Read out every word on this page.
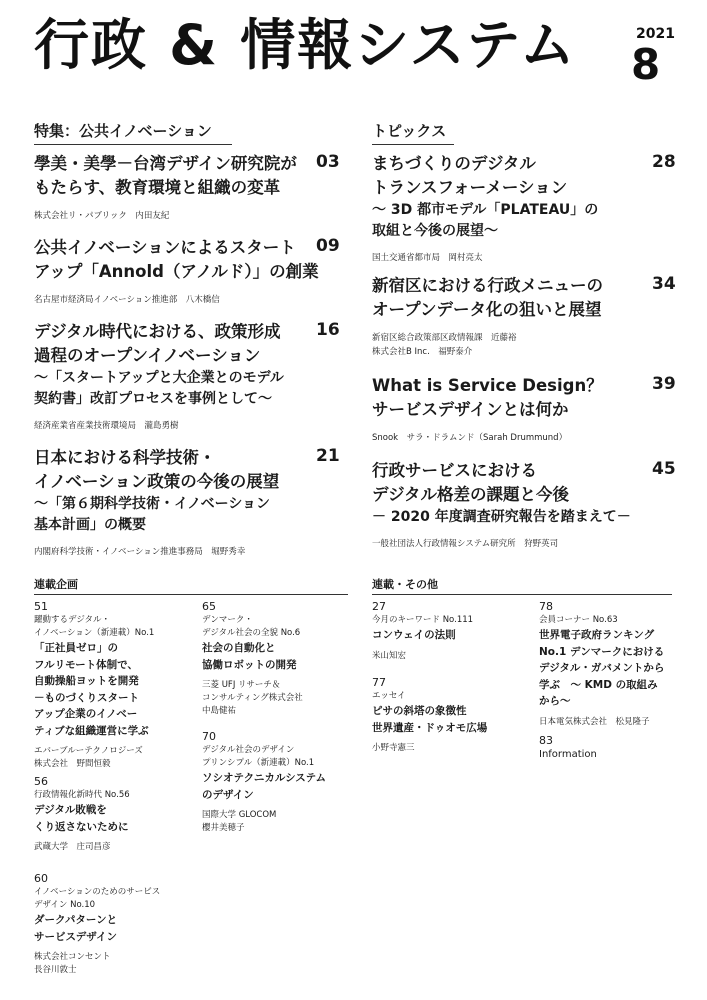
行政 & 情報システム	2021
8
特集：公共イノベーション
學美・美學－台湾デザイン研究院が
もたらす、教育環境と組織の変革
株式会社リ・パブリック　内田友紀
03
公共イノベーションによるスタート
アップ「Annold（アノルド）」の創業
名古屋市経済局イノベーション推進部　八木橋信
09
デジタル時代における、政策形成
過程のオープンイノベーション
～「スタートアップと大企業とのモデル
契約書」改訂プロセスを事例として～
経済産業省産業技術環境局　瀧島勇樹
16
日本における科学技術・
イノベーション政策の今後の展望
～「第６期科学技術・イノベーション
基本計画」の概要
内閣府科学技術・イノベーション推進事務局　堀野秀幸
21
トピックス
まちづくりのデジタル
トランスフォーメーション
～ 3D 都市モデル「PLATEAU」の
取組と今後の展望～
国土交通省都市局　岡村亮太
28
新宿区における行政メニューの
オープンデータ化の狙いと展望
新宿区総合政策部区政情報課　近藤裕
株式会社B Inc.　福野泰介
34
What is Service Design？
サービスデザインとは何か
Snook　サラ・ドラムンド（Sarah Drummund）
39
行政サービスにおける
デジタル格差の課題と今後
－ 2020 年度調査研究報告を踏まえて－
一般社団法人行政情報システム研究所　狩野英司
45
連載企画
51
躍動するデジタル・
イノベーション（新連載）No.1
「正社員ゼロ」の
フルリモート体制で、
自動操船ヨットを開発
－ものづくりスタート
アップ企業のイノベー
ティブな組織運営に学ぶ
エバーブルーテクノロジーズ
株式会社　野間恒毅
56
行政情報化新時代 No.56
デジタル敗戦を
くり返さないために
武蔵大学　庄司昌彦
60
イノベーションのためのサービス
デザイン No.10
ダークパターンと
サービスデザイン
株式会社コンセント
長谷川敦士
65
デンマーク・
デジタル社会の全貌 No.6
社会の自動化と
協働ロボットの開発
三菱 UFJ リサーチ＆
コンサルティング株式会社
中島健祐
70
デジタル社会のデザイン
プリンシプル（新連載）No.1
ソシオテクニカルシステム
のデザイン
国際大学 GLOCOM
櫻井美穂子
連載・その他
27
今月のキーワード No.111
コンウェイの法則
米山知宏
77
エッセイ
ピサの斜塔の象徴性
世界遺産・ドゥオモ広場
小野寺憲三
78
会員コーナー No.63
世界電子政府ランキング
No.1 デンマークにおける
デジタル・ガバメントから
学ぶ　～ KMD の取組み
から～
日本電気株式会社　松見隆子
83
Information
